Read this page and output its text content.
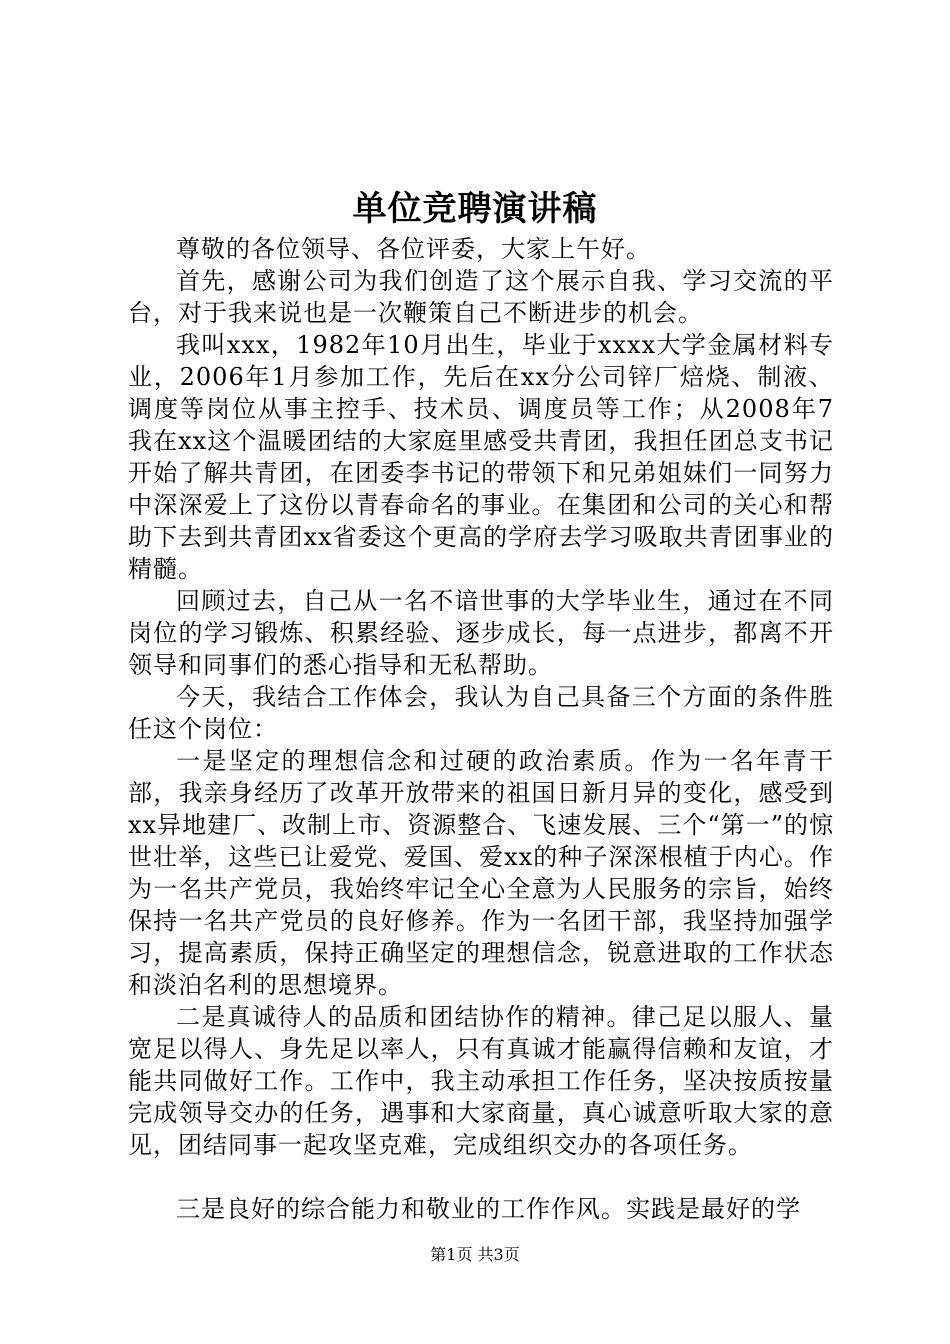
单位竞聘演讲稿

尊敬的各位领导、各位评委，大家上午好。

首先，感谢公司为我们创造了这个展示自我、学习交流的平台，对于我来说也是一次鞭策自己不断进步的机会。

我叫xxx，1982年10月出生，毕业于xxxx大学金属材料专业，2006年1月参加工作，先后在xx分公司锌厂焙烧、制液、调度等岗位从事主控手、技术员、调度员等工作；从2008年7我在xx这个温暖团结的大家庭里感受共青团，我担任团总支书记开始了解共青团，在团委李书记的带领下和兄弟姐妹们一同努力中深深爱上了这份以青春命名的事业。在集团和公司的关心和帮助下去到共青团xx省委这个更高的学府去学习吸取共青团事业的精髓。

回顾过去，自己从一名不谙世事的大学毕业生，通过在不同岗位的学习锻炼、积累经验、逐步成长，每一点进步，都离不开领导和同事们的悉心指导和无私帮助。

今天，我结合工作体会，我认为自己具备三个方面的条件胜任这个岗位：

一是坚定的理想信念和过硬的政治素质。作为一名年青干部，我亲身经历了改革开放带来的祖国日新月异的变化，感受到xx异地建厂、改制上市、资源整合、飞速发展、三个“第一”的惊世壮举，这些已让爱党、爱国、爱xx的种子深深根植于内心。作为一名共产党员，我始终牢记全心全意为人民服务的宗旨，始终保持一名共产党员的良好修养。作为一名团干部，我坚持加强学习，提高素质，保持正确坚定的理想信念，锐意进取的工作状态和淡泊名利的思想境界。

二是真诚待人的品质和团结协作的精神。律己足以服人、量宽足以得人、身先足以率人，只有真诚才能赢得信赖和友谊，才能共同做好工作。工作中，我主动承担工作任务，坚决按质按量完成领导交办的任务，遇事和大家商量，真心诚意听取大家的意见，团结同事一起攻坚克难，完成组织交办的各项任务。

三是良好的综合能力和敬业的工作作风。实践是最好的学

第1页 共3页
